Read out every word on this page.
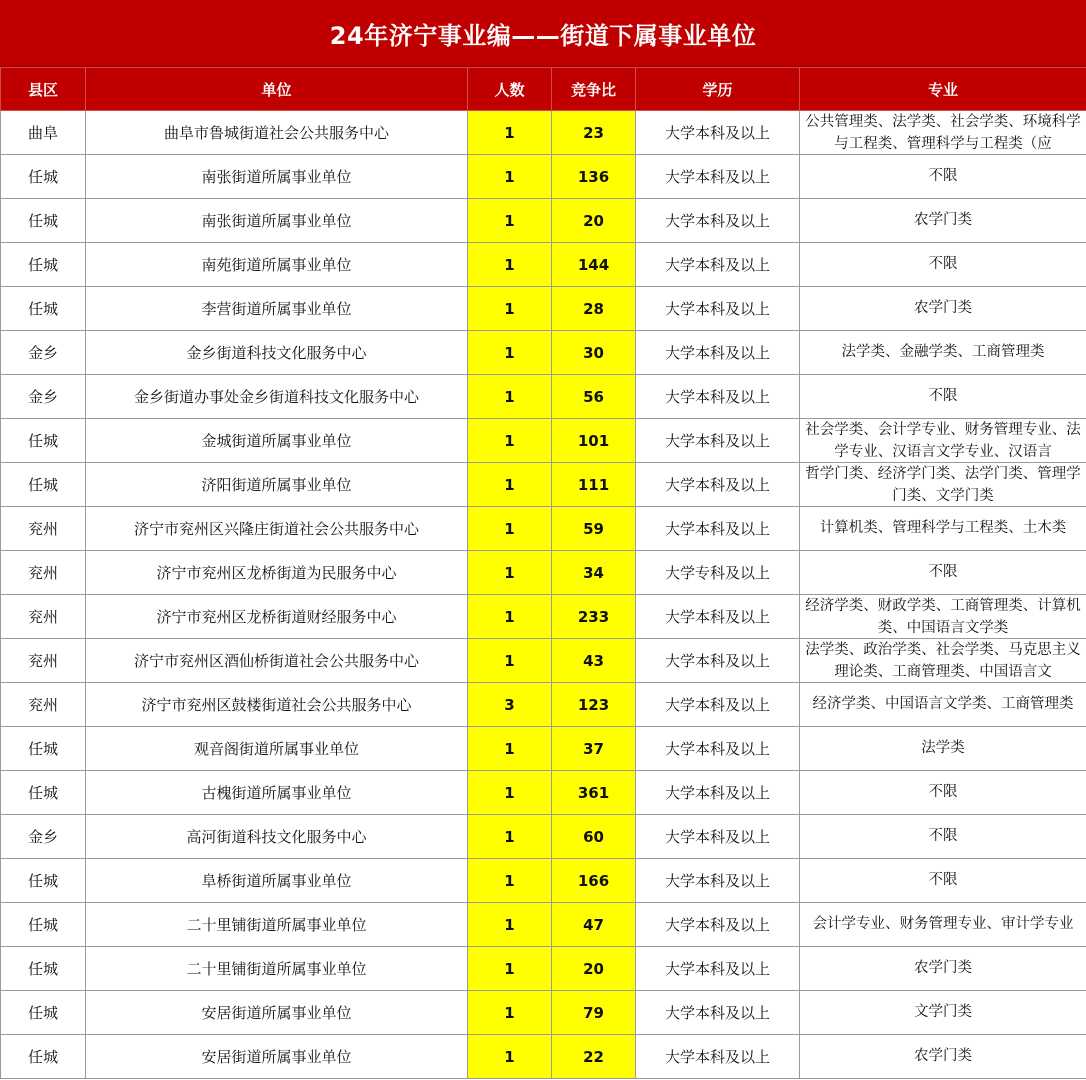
24年济宁事业编——街道下属事业单位
县区	单位	人数	竞争比	学历	专业
曲阜	曲阜市鲁城街道社会公共服务中心	1	23	大学本科及以上	公共管理类、法学类、社会学类、环境科学与工程类、管理科学与工程类（应

任城	南张街道所属事业单位	1	136	大学本科及以上	不限

任城	南张街道所属事业单位	1	20	大学本科及以上	农学门类

任城	南苑街道所属事业单位	1	144	大学本科及以上	不限

任城	李营街道所属事业单位	1	28	大学本科及以上	农学门类

金乡	金乡街道科技文化服务中心	1	30	大学本科及以上	法学类、金融学类、工商管理类

金乡	金乡街道办事处金乡街道科技文化服务中心	1	56	大学本科及以上	不限

任城	金城街道所属事业单位	1	101	大学本科及以上	社会学类、会计学专业、财务管理专业、法学专业、汉语言文学专业、汉语言

任城	济阳街道所属事业单位	1	111	大学本科及以上	哲学门类、经济学门类、法学门类、管理学门类、文学门类

兖州	济宁市兖州区兴隆庄街道社会公共服务中心	1	59	大学本科及以上	计算机类、管理科学与工程类、土木类

兖州	济宁市兖州区龙桥街道为民服务中心	1	34	大学专科及以上	不限

兖州	济宁市兖州区龙桥街道财经服务中心	1	233	大学本科及以上	经济学类、财政学类、工商管理类、计算机类、中国语言文学类

兖州	济宁市兖州区酒仙桥街道社会公共服务中心	1	43	大学本科及以上	法学类、政治学类、社会学类、马克思主义理论类、工商管理类、中国语言文

兖州	济宁市兖州区鼓楼街道社会公共服务中心	3	123	大学本科及以上	经济学类、中国语言文学类、工商管理类

任城	观音阁街道所属事业单位	1	37	大学本科及以上	法学类

任城	古槐街道所属事业单位	1	361	大学本科及以上	不限

金乡	高河街道科技文化服务中心	1	60	大学本科及以上	不限

任城	阜桥街道所属事业单位	1	166	大学本科及以上	不限

任城	二十里铺街道所属事业单位	1	47	大学本科及以上	会计学专业、财务管理专业、审计学专业

任城	二十里铺街道所属事业单位	1	20	大学本科及以上	农学门类

任城	安居街道所属事业单位	1	79	大学本科及以上	文学门类

任城	安居街道所属事业单位	1	22	大学本科及以上	农学门类
